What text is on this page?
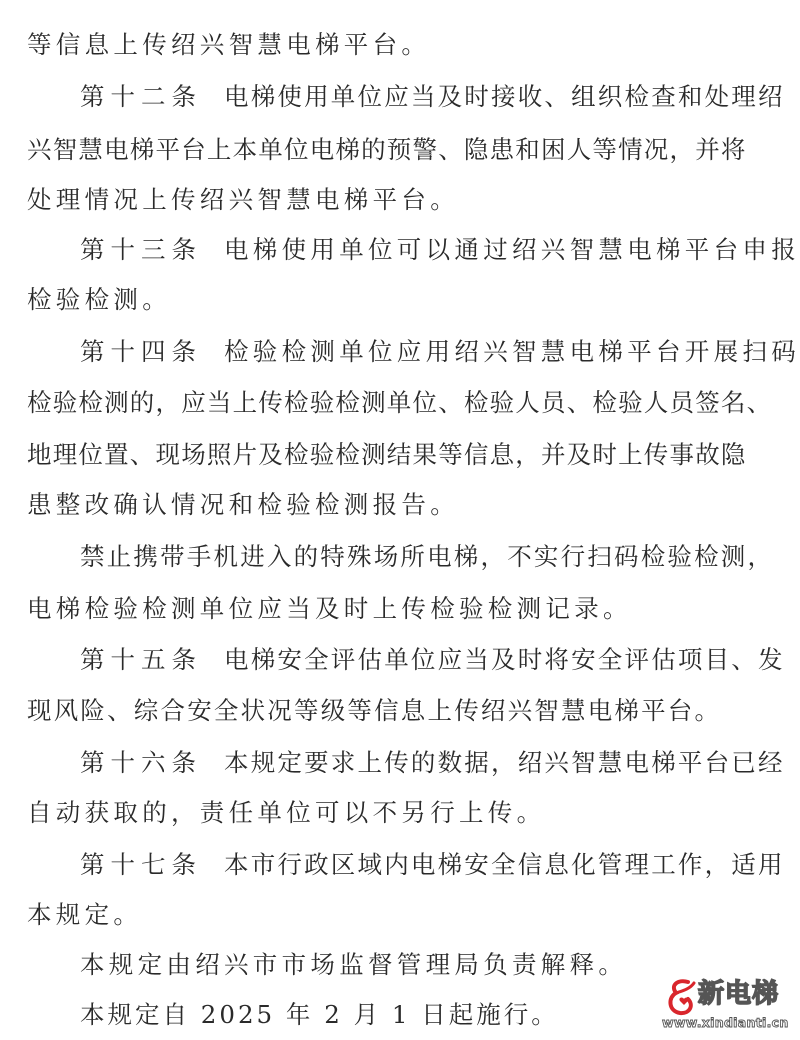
等信息上传绍兴智慧电梯平台。
第十二条 电梯使用单位应当及时接收、组织检查和处理绍
兴智慧电梯平台上本单位电梯的预警、隐患和困人等情况，并将
处理情况上传绍兴智慧电梯平台。
第十三条 电梯使用单位可以通过绍兴智慧电梯平台申报
检验检测。
第十四条 检验检测单位应用绍兴智慧电梯平台开展扫码
检验检测的，应当上传检验检测单位、检验人员、检验人员签名、
地理位置、现场照片及检验检测结果等信息，并及时上传事故隐
患整改确认情况和检验检测报告。
禁止携带手机进入的特殊场所电梯，不实行扫码检验检测，
电梯检验检测单位应当及时上传检验检测记录。
第十五条 电梯安全评估单位应当及时将安全评估项目、发
现风险、综合安全状况等级等信息上传绍兴智慧电梯平台。
第十六条 本规定要求上传的数据，绍兴智慧电梯平台已经
自动获取的，责任单位可以不另行上传。
第十七条 本市行政区域内电梯安全信息化管理工作，适用
本规定。
本规定由绍兴市市场监督管理局负责解释。
本规定自 2025 年 2 月 1 日起施行。
新电梯
www.xindianti.cn
